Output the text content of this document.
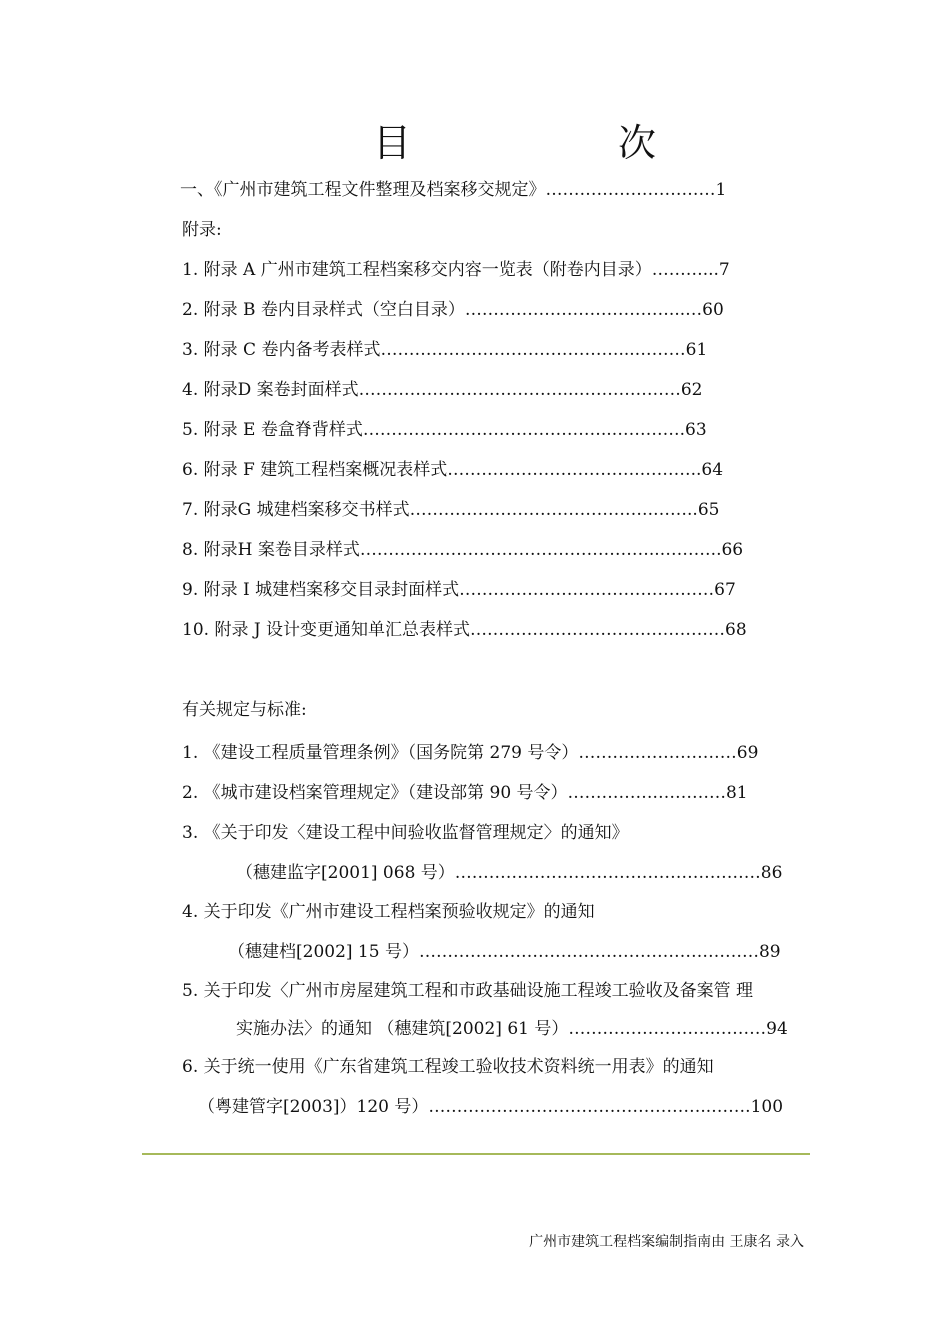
目	次
一、《广州市建筑工程文件整理及档案移交规定》…………………………1
附录:
1. 附录 A 广州市建筑工程档案移交内容一览表（附卷内目录）………...7
2. 附录 B 卷内目录样式（空白目录）………………………………...…60
3. 附录 C 卷内备考表样式……………………………………...………61
4. 附录D 案卷封面样式………………………………...………………62
5. 附录 E 卷盒脊背样式……………………………………..………….63
6. 附录 F 建筑工程档案概况表样式…………………………….………..64
7. 附录G 城建档案移交书样式…………………………………….……..65
8. 附录H 案卷目录样式……………………………………………..………..66
9. 附录 I 城建档案移交目录封面样式………………………………………67
10. 附录 J 设计变更通知单汇总表样式………………………………………68
有关规定与标准:
1. 《建设工程质量管理条例》（国务院第 279 号令）……….………………69
2. 《城市建设档案管理规定》（建设部第 90 号令）…………….…………81
3. 《关于印发〈建设工程中间验收监督管理规定〉的通知》
（穗建监字[2001] 068 号）………………………………………………86
4. 关于印发《广州市建设工程档案预验收规定》的通知
（穗建档[2002] 15 号）……………………………………………………89
5. 关于印发〈广州市房屋建筑工程和市政基础设施工程竣工验收及备案管 理
实施办法〉的通知 （穗建筑[2002] 61 号）……………………..………94
6. 关于统一使用《广东省建筑工程竣工验收技术资料统一用表》的通知
（粤建管字[2003]）120 号）…………………………………………..…….100
广州市建筑工程档案编制指南由 王康名 录入
